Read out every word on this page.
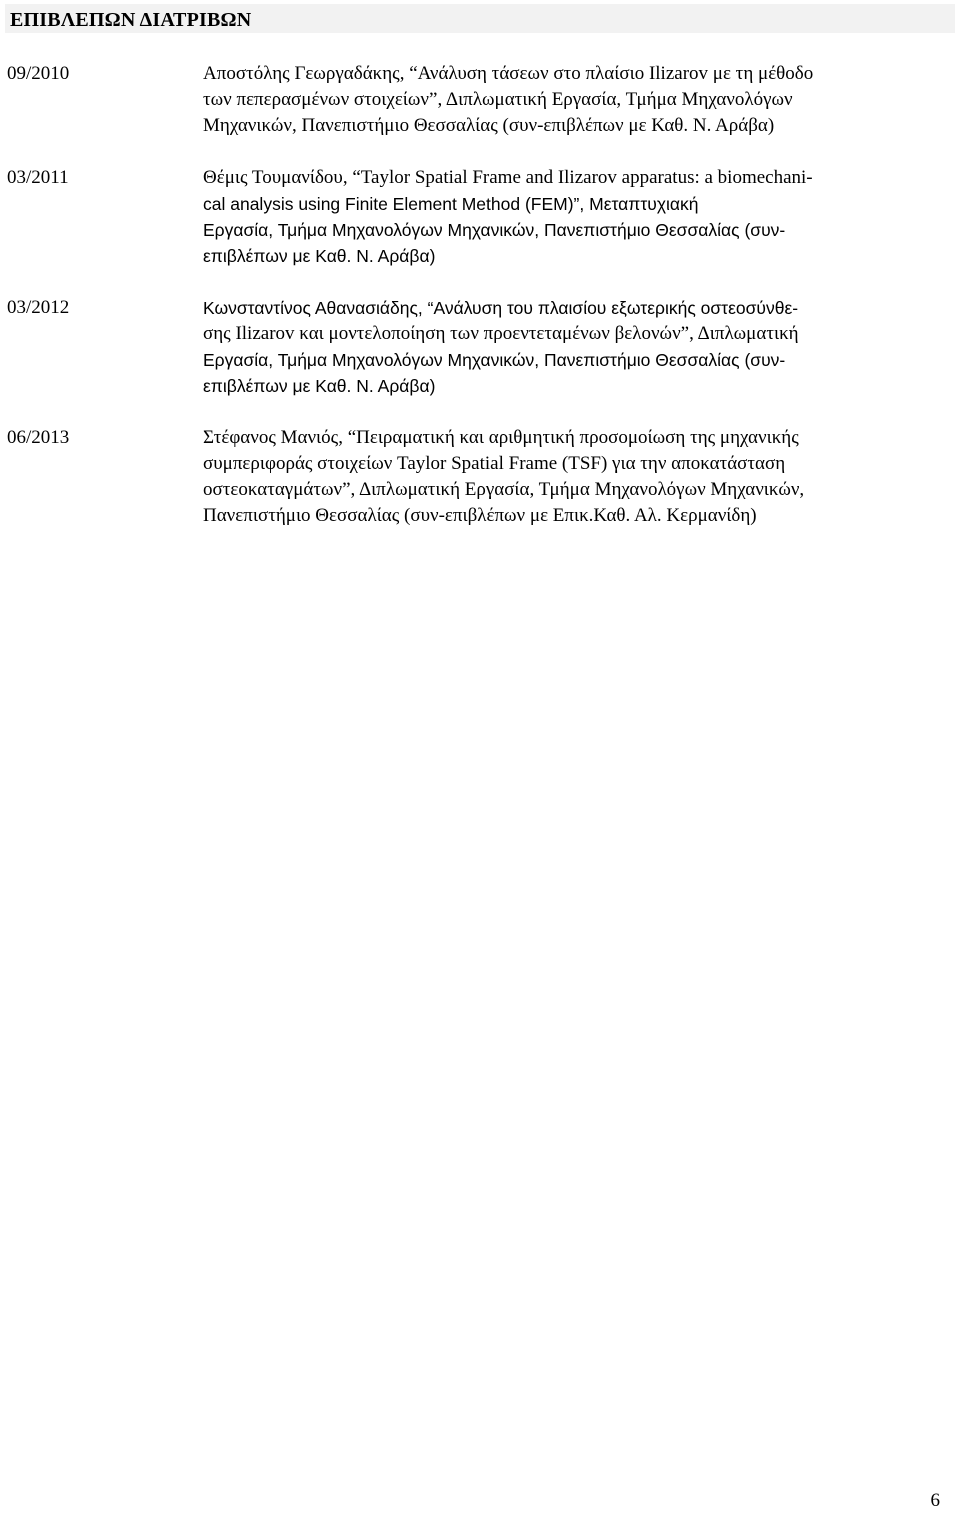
ΕΠΙΒΛΕΠΩΝ ΔΙΑΤΡΙΒΩΝ
09/2010	Αποστόλης Γεωργαδάκης, “Ανάλυση τάσεων στο πλαίσιο Ilizarov με τη μέθοδο
των πεπερασμένων στοιχείων”, Διπλωματική Εργασία, Τμήμα Μηχανολόγων
Μηχανικών, Πανεπιστήμιο Θεσσαλίας (συν-επιβλέπων με Καθ. Ν. Αράβα)

03/2011	Θέμις Τουμανίδου, “Taylor Spatial Frame and Ilizarov apparatus: a biomechani-
cal analysis using Finite Element Method (FEM)”, Μεταπτυχιακή
Εργασία, Τμήμα Μηχανολόγων Μηχανικών, Πανεπιστήμιο Θεσσαλίας (συν-
επιβλέπων με Καθ. Ν. Αράβα)

03/2012	Κωνσταντίνος Αθανασιάδης, “Ανάλυση του πλαισίου εξωτερικής οστεοσύνθε-
σης Ilizarov και μοντελοποίηση των προεντεταμένων βελονών”, Διπλωματική
Εργασία, Τμήμα Μηχανολόγων Μηχανικών, Πανεπιστήμιο Θεσσαλίας (συν-
επιβλέπων με Καθ. Ν. Αράβα)

06/2013	Στέφανος Μανιός, “Πειραματική και αριθμητική προσομοίωση της μηχανικής
συμπεριφοράς στοιχείων Taylor Spatial Frame (TSF) για την αποκατάσταση
οστεοκαταγμάτων”, Διπλωματική Εργασία, Τμήμα Μηχανολόγων Μηχανικών,
Πανεπιστήμιο Θεσσαλίας (συν-επιβλέπων με Επικ.Καθ. Αλ. Κερμανίδη)

6
